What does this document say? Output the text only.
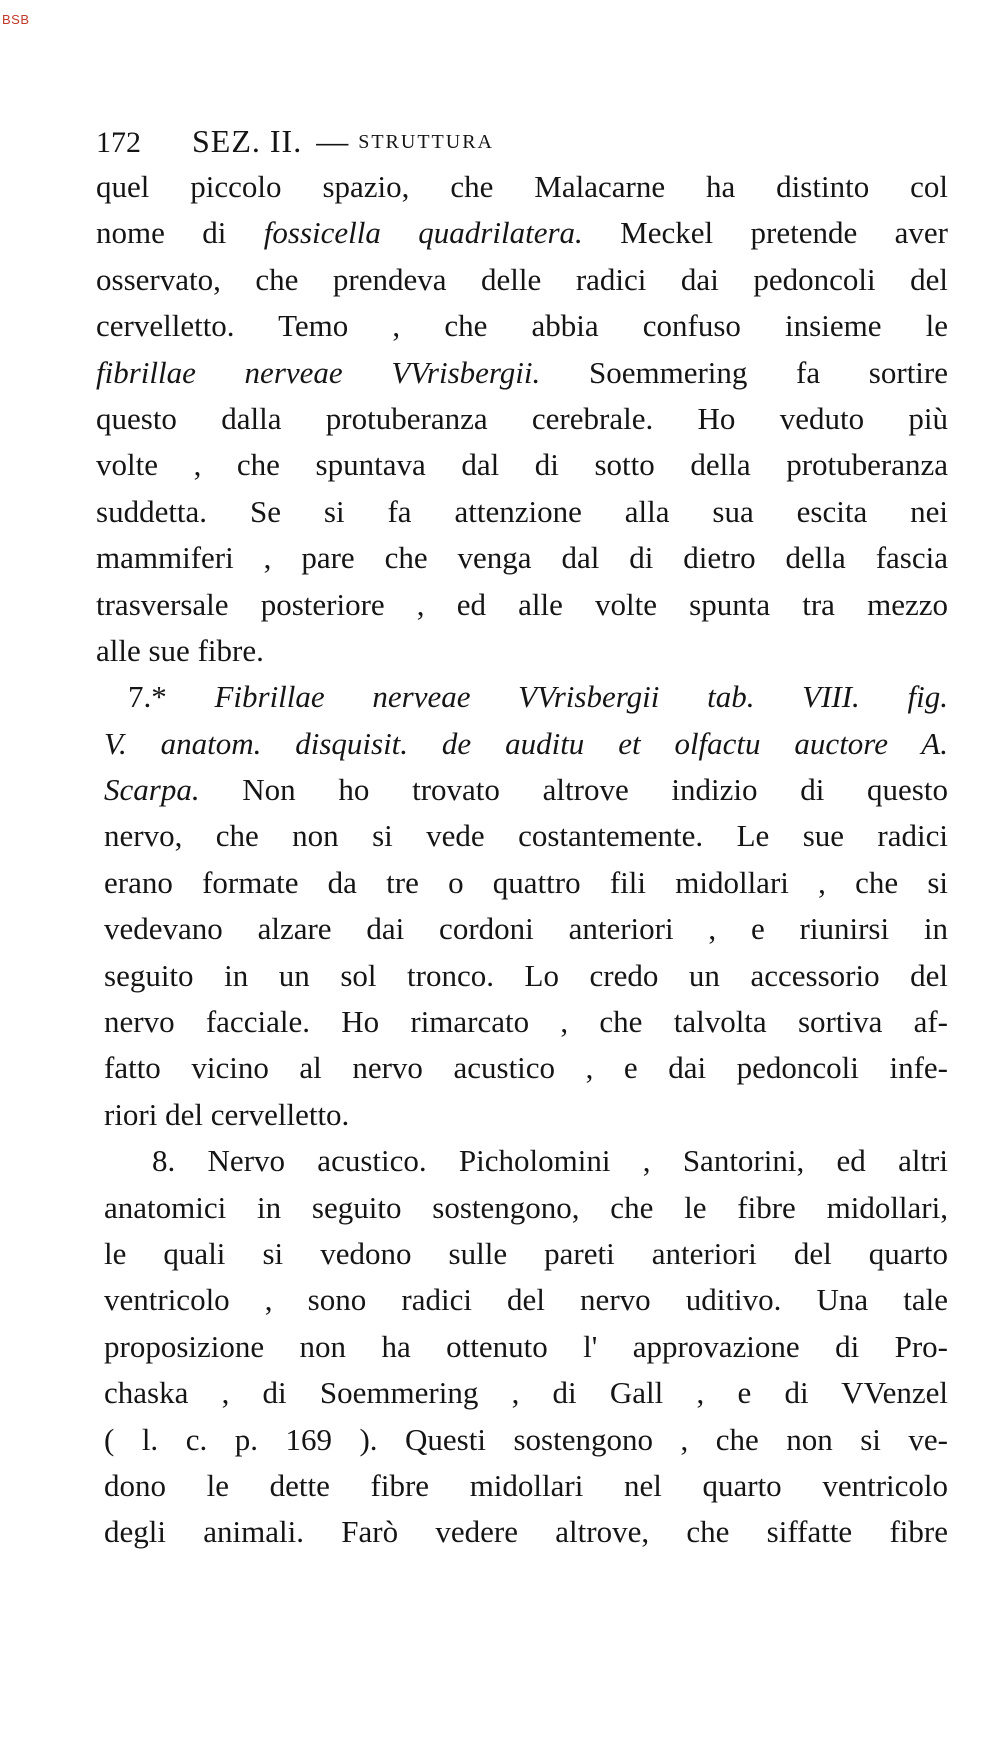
BSB
172 SEZ. II. — STRUTTURA
quel piccolo spazio, che Malacarne ha distinto col
nome di fossicella quadrilatera. Meckel pretende aver
osservato, che prendeva delle radici dai pedoncoli del
cervelletto. Temo , che abbia confuso insieme le
fibrillae nerveae VVrisbergii. Soemmering fa sortire
questo dalla protuberanza cerebrale. Ho veduto più
volte , che spuntava dal di sotto della protuberanza
suddetta. Se si fa attenzione alla sua escita nei
mammiferi , pare che venga dal di dietro della fascia
trasversale posteriore , ed alle volte spunta tra mezzo
alle sue fibre.
7.* Fibrillae nerveae VVrisbergii tab. VIII. fig.
V. anatom. disquisit. de auditu et olfactu auctore A.
Scarpa. Non ho trovato altrove indizio di questo
nervo, che non si vede costantemente. Le sue radici
erano formate da tre o quattro fili midollari , che si
vedevano alzare dai cordoni anteriori , e riunirsi in
seguito in un sol tronco. Lo credo un accessorio del
nervo facciale. Ho rimarcato , che talvolta sortiva af-
fatto vicino al nervo acustico , e dai pedoncoli infe-
riori del cervelletto.
8. Nervo acustico. Picholomini , Santorini, ed altri
anatomici in seguito sostengono, che le fibre midollari,
le quali si vedono sulle pareti anteriori del quarto
ventricolo , sono radici del nervo uditivo. Una tale
proposizione non ha ottenuto l' approvazione di Pro-
chaska , di Soemmering , di Gall , e di VVenzel
( l. c. p. 169 ). Questi sostengono , che non si ve-
dono le dette fibre midollari nel quarto ventricolo
degli animali. Farò vedere altrove, che siffatte fibre
